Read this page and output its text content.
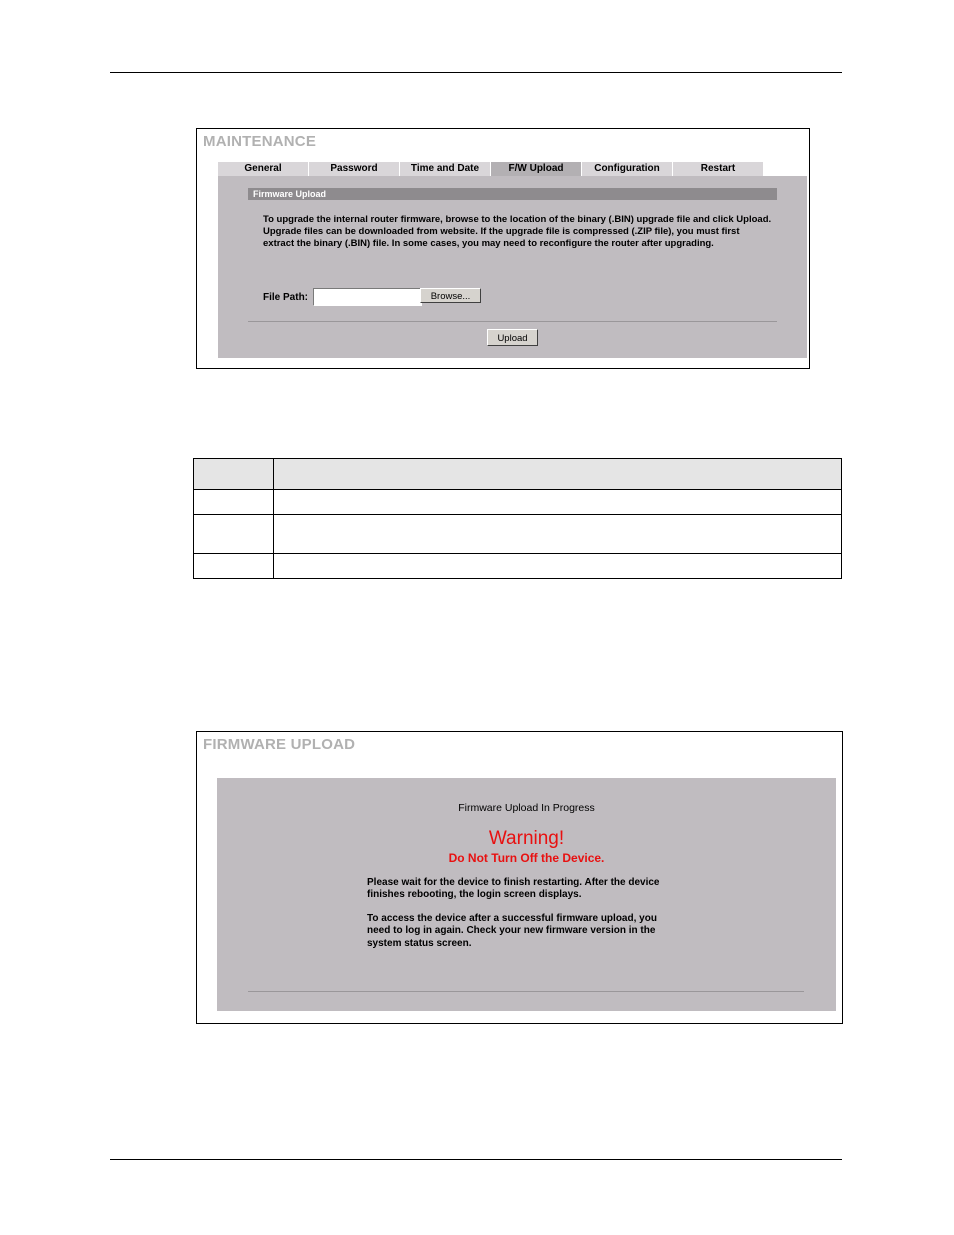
MAINTENANCE
General	Password	Time and Date	F/W Upload	Configuration	Restart
Firmware Upload
To upgrade the internal router firmware, browse to the location of the binary (.BIN) upgrade file and click Upload. Upgrade files can be downloaded from website. If the upgrade file is compressed (.ZIP file), you must first extract the binary (.BIN) file. In some cases, you may need to reconfigure the router after upgrading.
File Path:	Browse...
Upload

FIRMWARE UPLOAD
Firmware Upload In Progress
Warning!
Do Not Turn Off the Device.
Please wait for the device to finish restarting. After the device finishes rebooting, the login screen displays.
To access the device after a successful firmware upload, you need to log in again. Check your new firmware version in the system status screen.
